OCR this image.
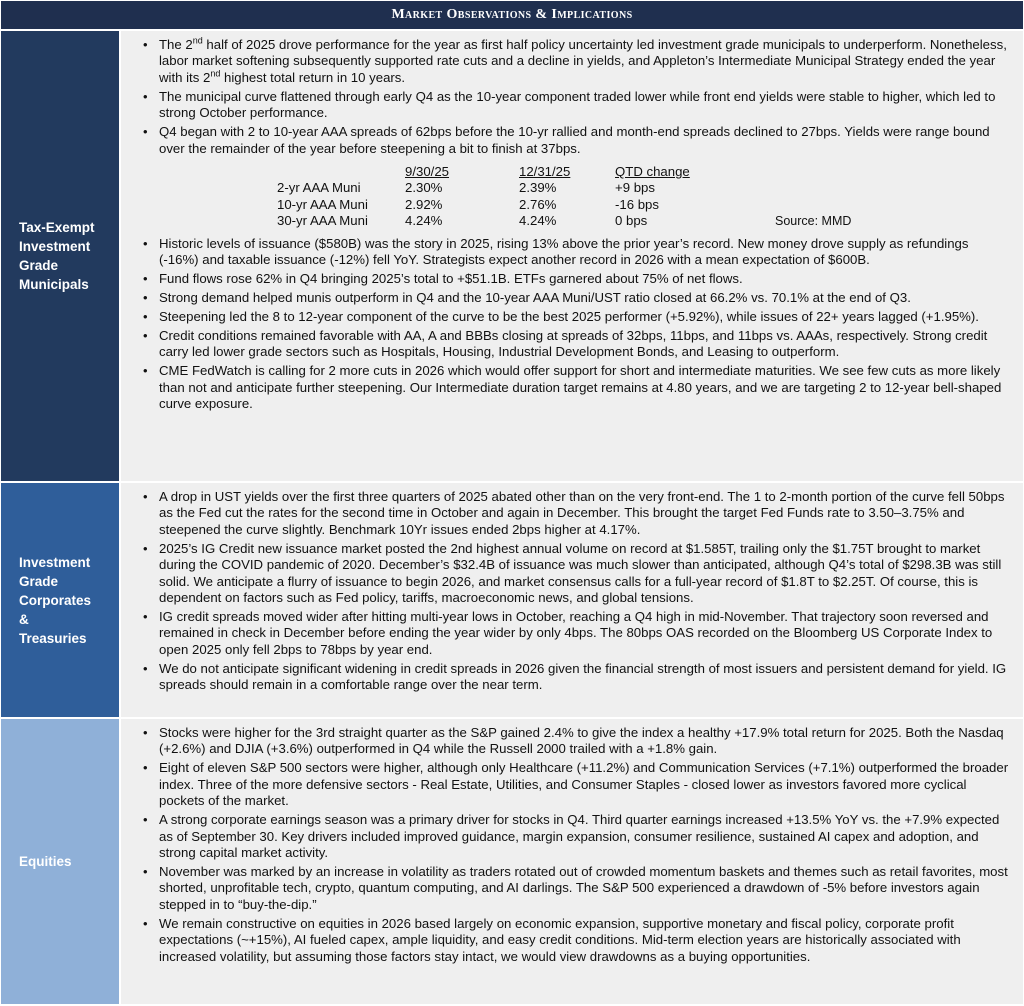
Market Observations & Implications
Tax-Exempt
Investment
Grade
Municipals
• The 2nd half of 2025 drove performance for the year as first half policy uncertainty led investment grade municipals to underperform. Nonetheless, labor market softening subsequently supported rate cuts and a decline in yields, and Appleton’s Intermediate Municipal Strategy ended the year with its 2nd highest total return in 10 years.
• The municipal curve flattened through early Q4 as the 10-year component traded lower while front end yields were stable to higher, which led to strong October performance.
• Q4 began with 2 to 10-year AAA spreads of 62bps before the 10-yr rallied and month-end spreads declined to 27bps. Yields were range bound over the remainder of the year before steepening a bit to finish at 37bps.
	9/30/25	12/31/25	QTD change	
2-yr AAA Muni	2.30%	2.39%	+9 bps	
10-yr AAA Muni	2.92%	2.76%	-16 bps	
30-yr AAA Muni	4.24%	4.24%	0 bps	Source: MMD
• Historic levels of issuance ($580B) was the story in 2025, rising 13% above the prior year’s record. New money drove supply as refundings (-16%) and taxable issuance (-12%) fell YoY. Strategists expect another record in 2026 with a mean expectation of $600B.
• Fund flows rose 62% in Q4 bringing 2025’s total to +$51.1B. ETFs garnered about 75% of net flows.
• Strong demand helped munis outperform in Q4 and the 10-year AAA Muni/UST ratio closed at 66.2% vs. 70.1% at the end of Q3.
• Steepening led the 8 to 12-year component of the curve to be the best 2025 performer (+5.92%), while issues of 22+ years lagged (+1.95%).
• Credit conditions remained favorable with AA, A and BBBs closing at spreads of 32bps, 11bps, and 11bps vs. AAAs, respectively. Strong credit carry led lower grade sectors such as Hospitals, Housing, Industrial Development Bonds, and Leasing to outperform.
• CME FedWatch is calling for 2 more cuts in 2026 which would offer support for short and intermediate maturities. We see few cuts as more likely than not and anticipate further steepening. Our Intermediate duration target remains at 4.80 years, and we are targeting 2 to 12-year bell-shaped curve exposure.
Investment
Grade
Corporates
&
Treasuries
• A drop in UST yields over the first three quarters of 2025 abated other than on the very front-end. The 1 to 2-month portion of the curve fell 50bps as the Fed cut the rates for the second time in October and again in December. This brought the target Fed Funds rate to 3.50–3.75% and steepened the curve slightly. Benchmark 10Yr issues ended 2bps higher at 4.17%.
• 2025’s IG Credit new issuance market posted the 2nd highest annual volume on record at $1.585T, trailing only the $1.75T brought to market during the COVID pandemic of 2020. December’s $32.4B of issuance was much slower than anticipated, although Q4’s total of $298.3B was still solid. We anticipate a flurry of issuance to begin 2026, and market consensus calls for a full-year record of $1.8T to $2.25T. Of course, this is dependent on factors such as Fed policy, tariffs, macroeconomic news, and global tensions.
• IG credit spreads moved wider after hitting multi-year lows in October, reaching a Q4 high in mid-November. That trajectory soon reversed and remained in check in December before ending the year wider by only 4bps. The 80bps OAS recorded on the Bloomberg US Corporate Index to open 2025 only fell 2bps to 78bps by year end.
• We do not anticipate significant widening in credit spreads in 2026 given the financial strength of most issuers and persistent demand for yield. IG spreads should remain in a comfortable range over the near term.
Equities
• Stocks were higher for the 3rd straight quarter as the S&P gained 2.4% to give the index a healthy +17.9% total return for 2025. Both the Nasdaq (+2.6%) and DJIA (+3.6%) outperformed in Q4 while the Russell 2000 trailed with a +1.8% gain.
• Eight of eleven S&P 500 sectors were higher, although only Healthcare (+11.2%) and Communication Services (+7.1%) outperformed the broader index. Three of the more defensive sectors - Real Estate, Utilities, and Consumer Staples - closed lower as investors favored more cyclical pockets of the market.
• A strong corporate earnings season was a primary driver for stocks in Q4. Third quarter earnings increased +13.5% YoY vs. the +7.9% expected as of September 30. Key drivers included improved guidance, margin expansion, consumer resilience, sustained AI capex and adoption, and strong capital market activity.
• November was marked by an increase in volatility as traders rotated out of crowded momentum baskets and themes such as retail favorites, most shorted, unprofitable tech, crypto, quantum computing, and AI darlings. The S&P 500 experienced a drawdown of -5% before investors again stepped in to “buy-the-dip.”
• We remain constructive on equities in 2026 based largely on economic expansion, supportive monetary and fiscal policy, corporate profit expectations (~+15%), AI fueled capex, ample liquidity, and easy credit conditions. Mid-term election years are historically associated with increased volatility, but assuming those factors stay intact, we would view drawdowns as a buying opportunities.
